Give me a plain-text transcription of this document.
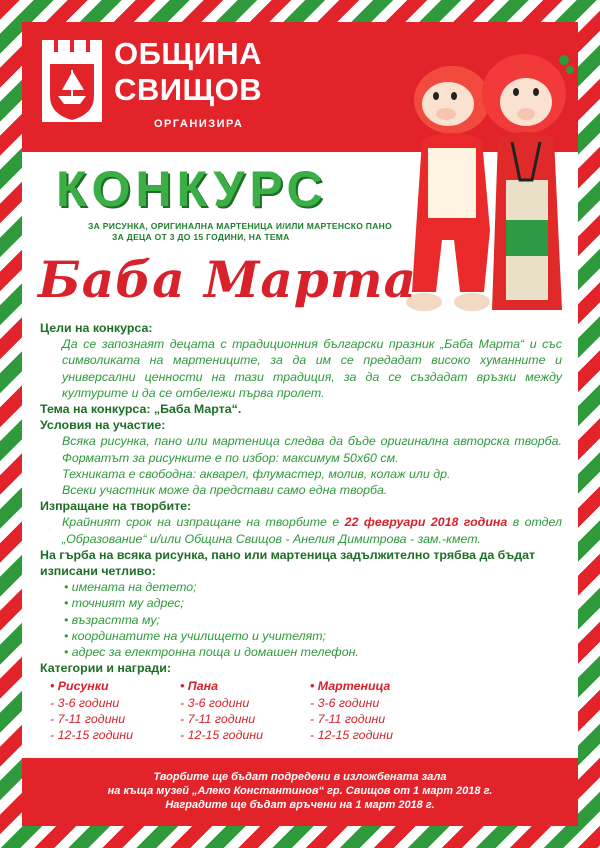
ОБЩИНА
СВИЩОВ
ОРГАНИЗИРА
КОНКУРС
ЗА РИСУНКА, ОРИГИНАЛНА МАРТЕНИЦА И/ИЛИ МАРТЕНСКО ПАНО
ЗА ДЕЦА ОТ 3 ДО 15 ГОДИНИ, НА ТЕМА
Баба Марта
Цели на конкурса:
Да се запознаят децата с традиционния български празник „Баба Марта“ и със символиката на мартениците, за да им се предадат високо хуманните и универсални ценности на тази традиция, за да се създадат връзки между културите и да се отбележи първа пролет.
Тема на конкурса: „Баба Марта“.
Условия на участие:
Всяка рисунка, пано или мартеница следва да бъде оригинална авторска творба. Форматът за рисунките е по избор: максимум 50х60 см.
Техниката е свободна: акварел, флумастер, молив, колаж или др.
Всеки участник може да представи само една творба.
Изпращане на творбите:
Крайният срок на изпращане на творбите е 22 февруари 2018 година в отдел „Образование“ и/или Община Свищов - Анелия Димитрова - зам.-кмет.
На гърба на всяка рисунка, пано или мартеница задължително трябва да бъдат изписани четливо:
• имената на детето;
• точният му адрес;
• възрастта му;
• координатите на училището и учителят;
• адрес за електронна поща и домашен телефон.
Категории и награди:
• Рисунки
- 3-6 години
- 7-11 години
- 12-15 години
• Пана
- 3-6 години
- 7-11 години
- 12-15 години
• Мартеница
- 3-6 години
- 7-11 години
- 12-15 години
Творбите ще бъдат подредени в изложбената зала
на къща музей „Алеко Константинов“ гр. Свищов от 1 март 2018 г.
Наградите ще бъдат връчени на 1 март 2018 г.
